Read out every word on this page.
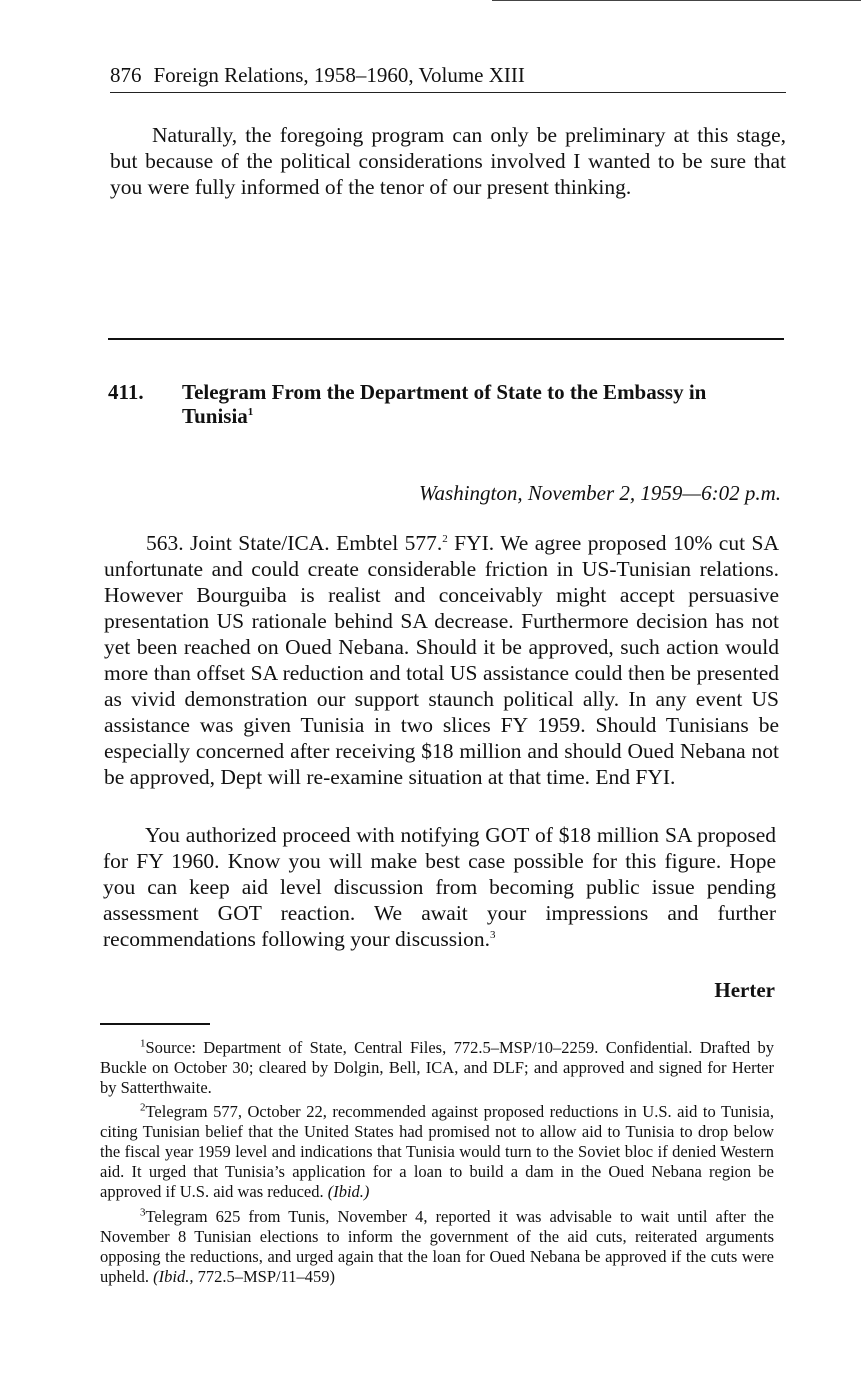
876 Foreign Relations, 1958–1960, Volume XIII

Naturally, the foregoing program can only be preliminary at this stage, but because of the political considerations involved I wanted to be sure that you were fully informed of the tenor of our present thinking.

411. Telegram From the Department of State to the Embassy in Tunisia$^1$
Washington, November 2, 1959—6:02 p.m.

563. Joint State/ICA. Embtel 577.$^2$ FYI. We agree proposed 10% cut SA unfortunate and could create considerable friction in US-Tunisian relations. However Bourguiba is realist and conceivably might accept persuasive presentation US rationale behind SA decrease. Furthermore decision has not yet been reached on Oued Nebana. Should it be approved, such action would more than offset SA reduction and total US assistance could then be presented as vivid demonstration our support staunch political ally. In any event US assistance was given Tunisia in two slices FY 1959. Should Tunisians be especially concerned after receiving $18 million and should Oued Nebana not be approved, Dept will re-examine situation at that time. End FYI.

You authorized proceed with notifying GOT of $18 million SA proposed for FY 1960. Know you will make best case possible for this figure. Hope you can keep aid level discussion from becoming public issue pending assessment GOT reaction. We await your impressions and further recommendations following your discussion.$^3$

Herter

$^1$Source: Department of State, Central Files, 772.5–MSP/10–2259. Confidential. Drafted by Buckle on October 30; cleared by Dolgin, Bell, ICA, and DLF; and approved and signed for Herter by Satterthwaite.

$^2$Telegram 577, October 22, recommended against proposed reductions in U.S. aid to Tunisia, citing Tunisian belief that the United States had promised not to allow aid to Tunisia to drop below the fiscal year 1959 level and indications that Tunisia would turn to the Soviet bloc if denied Western aid. It urged that Tunisia’s application for a loan to build a dam in the Oued Nebana region be approved if U.S. aid was reduced. (Ibid.)

$^3$Telegram 625 from Tunis, November 4, reported it was advisable to wait until after the November 8 Tunisian elections to inform the government of the aid cuts, reiterated arguments opposing the reductions, and urged again that the loan for Oued Nebana be approved if the cuts were upheld. (Ibid., 772.5–MSP/11–459)
